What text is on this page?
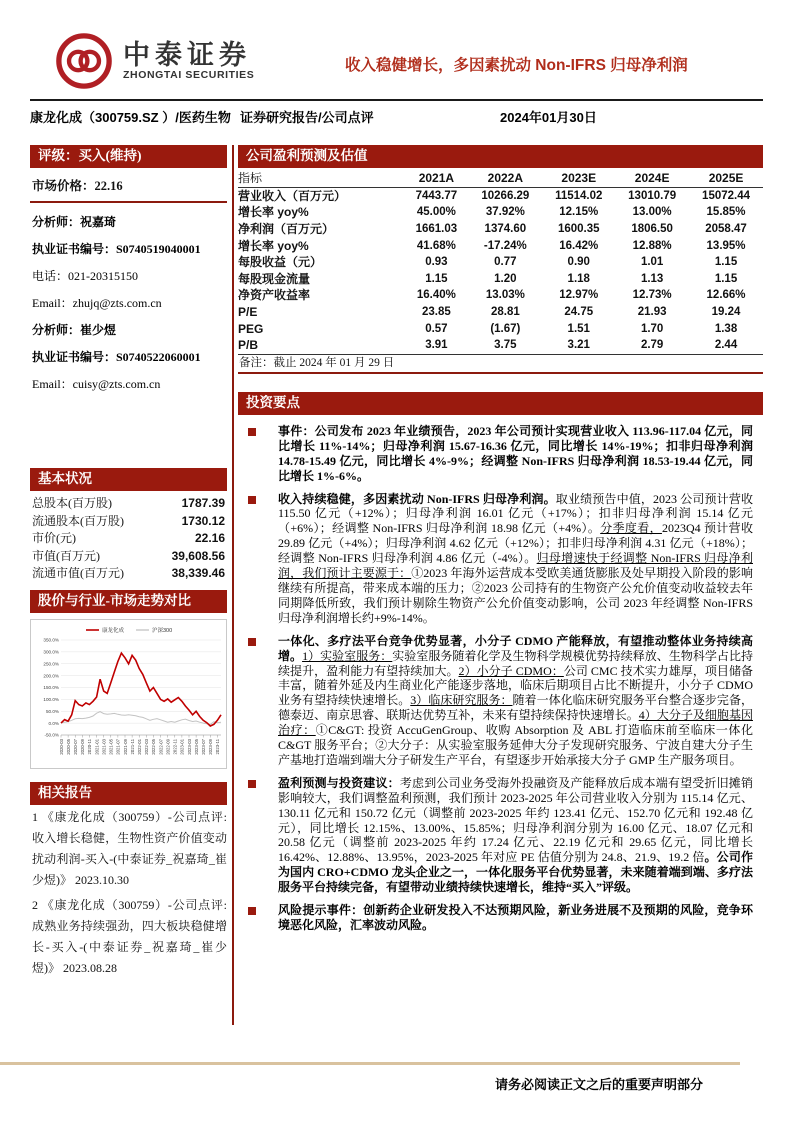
中泰证券
ZHONGTAI SECURITIES
收入稳健增长，多因素扰动 Non-IFRS 归母净利润
康龙化成（300759.SZ ）/医药生物 证券研究报告/公司点评	2024年01月30日
评级：买入(维持)
市场价格：22.16
分析师：祝嘉琦
执业证书编号：S0740519040001
电话：021-20315150
Email：zhujq@zts.com.cn
分析师：崔少煜
执业证书编号：S0740522060001
Email：cuisy@zts.com.cn
基本状况
总股本(百万股)	1787.39
流通股本(百万股)	1730.12
市价(元)	22.16
市值(百万元)	39,608.56
流通市值(百万元)	38,339.46
股价与行业-市场走势对比
康龙化成	沪深300
-50.0%
0.0%
50.0%
100.0%
150.0%
200.0%
250.0%
300.0%
350.0%
2020-03 2020-05 2020-07 2020-09 2020-11 2021-01 2021-03 2021-05 2021-07 2021-09 2021-11 2022-01 2022-03 2022-05 2022-07 2022-09 2022-11 2023-01 2023-03 2023-05 2023-07 2023-09 2023-11
相关报告
1 《康龙化成（300759）-公司点评: 收入增长稳健，生物性资产价值变动扰动利润-买入-(中泰证券_祝嘉琦_崔少煜)》 2023.10.30
2 《康龙化成（300759）-公司点评: 成熟业务持续强劲，四大板块稳健增长-买入-(中泰证券_祝嘉琦_崔少煜)》 2023.08.28
公司盈利预测及估值
指标	2021A	2022A	2023E	2024E	2025E
营业收入（百万元）	7443.77	10266.29	11514.02	13010.79	15072.44
增长率 yoy%	45.00%	37.92%	12.15%	13.00%	15.85%
净利润（百万元）	1661.03	1374.60	1600.35	1806.50	2058.47
增长率 yoy%	41.68%	-17.24%	16.42%	12.88%	13.95%
每股收益（元）	0.93	0.77	0.90	1.01	1.15
每股现金流量	1.15	1.20	1.18	1.13	1.15
净资产收益率	16.40%	13.03%	12.97%	12.73%	12.66%
P/E	23.85	28.81	24.75	21.93	19.24
PEG	0.57	(1.67)	1.51	1.70	1.38
P/B	3.91	3.75	3.21	2.79	2.44
备注：截止 2024 年 01 月 29 日
投资要点
事件：公司发布 2023 年业绩预告，2023 年公司预计实现营业收入 113.96-117.04 亿元，同比增长 11%-14%；归母净利润 15.67-16.36 亿元，同比增长 14%-19%；扣非归母净利润 14.78-15.49 亿元，同比增长 4%-9%；经调整 Non-IFRS 归母净利润 18.53-19.44 亿元，同比增长 1%-6%。
收入持续稳健，多因素扰动 Non-IFRS 归母净利润。取业绩预告中值，2023 公司预计营收 115.50 亿元（+12%）；归母净利润 16.01 亿元（+17%）；扣非归母净利润 15.14 亿元（+6%）；经调整 Non-IFRS 归母净利润 18.98 亿元（+4%）。分季度看，2023Q4 预计营收 29.89 亿元（+4%）；归母净利润 4.62 亿元（+12%）；扣非归母净利润 4.31 亿元（+18%）；经调整 Non-IFRS 归母净利润 4.86 亿元（-4%）。归母增速快于经调整 Non-IFRS 归母净利润，我们预计主要源于：①2023 年海外运营成本受欧美通货膨胀及处早期投入阶段的影响继续有所提高，带来成本端的压力；②2023 公司持有的生物资产公允价值变动收益较去年同期降低所致，我们预计剔除生物资产公允价值变动影响，公司 2023 年经调整 Non-IFRS 归母净利润增长约+9%-14%。
一体化、多疗法平台竞争优势显著，小分子 CDMO 产能释放，有望推动整体业务持续高增。1）实验室服务：实验室服务随着化学及生物科学规模优势持续释放、生物科学占比持续提升，盈利能力有望持续加大。2）小分子 CDMO：公司 CMC 技术实力雄厚，项目储备丰富，随着外延及内生商业化产能逐步落地，临床后期项目占比不断提升，小分子 CDMO 业务有望持续快速增长。3）临床研究服务：随着一体化临床研究服务平台整合逐步完备，德泰迈、南京思睿、联斯达优势互补，未来有望持续保持快速增长。4）大分子及细胞基因治疗：①C&GT: 投资 AccuGenGroup、收购 Absorption 及 ABL 打造临床前至临床一体化 C&GT 服务平台；②大分子：从实验室服务延伸大分子发现研究服务、宁波自建大分子生产基地打造端到端大分子研发生产平台，有望逐步开始承接大分子 GMP 生产服务项目。
盈利预测与投资建议：考虑到公司业务受海外投融资及产能释放后成本端有望受折旧摊销影响较大，我们调整盈利预测，我们预计 2023-2025 年公司营业收入分别为 115.14 亿元、130.11 亿元和 150.72 亿元（调整前 2023-2025 年约 123.41 亿元、152.70 亿元和 192.48 亿元），同比增长 12.15%、13.00%、15.85%；归母净利润分别为 16.00 亿元、18.07 亿元和 20.58 亿元（调整前 2023-2025 年约 17.24 亿元、22.19 亿元和 29.65 亿元，同比增长 16.42%、12.88%、13.95%，2023-2025 年对应 PE 估值分别为 24.8、21.9、19.2 倍。公司作为国内 CRO+CDMO 龙头企业之一，一体化服务平台优势显著，未来随着端到端、多疗法服务平台持续完备，有望带动业绩持续快速增长，维持“买入”评级。
风险提示事件：创新药企业研发投入不达预期风险，新业务进展不及预期的风险，竞争环境恶化风险，汇率波动风险。
请务必阅读正文之后的重要声明部分
